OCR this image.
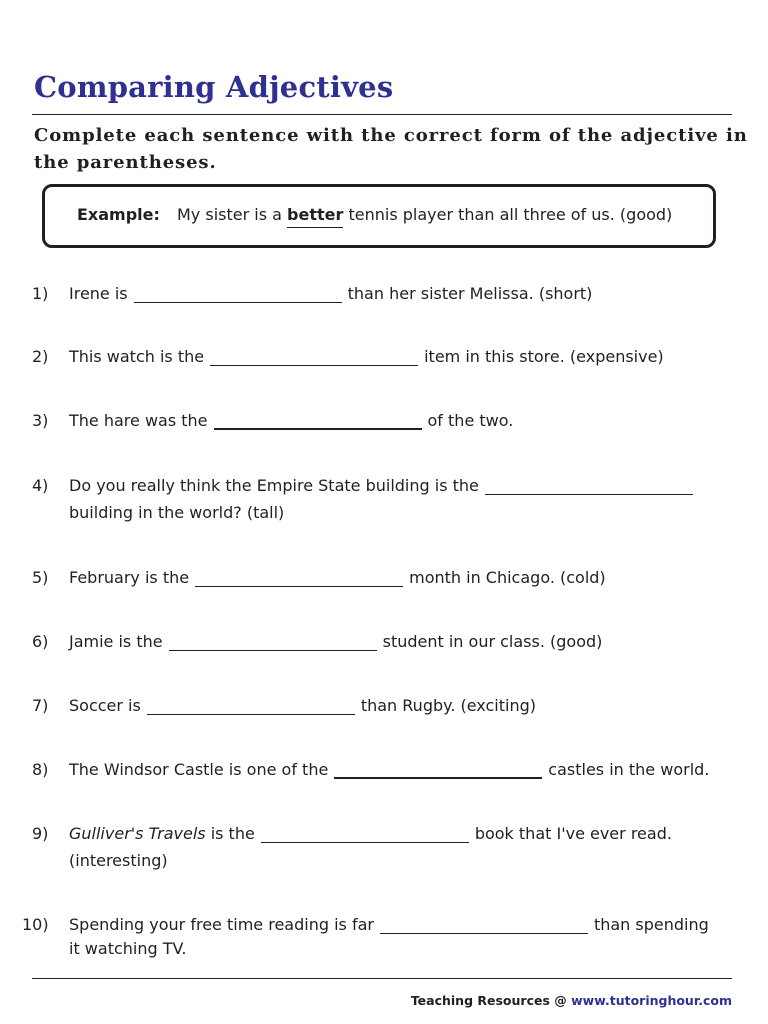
Comparing Adjectives
Complete each sentence with the correct form of the adjective in the parentheses.
Example: My sister is a better tennis player than all three of us. (good)
1) Irene is	than her sister Melissa. (short)
2) This watch is the	item in this store. (expensive)
3) The hare was the	of the two.
4) Do you really think the Empire State building is the
building in the world? (tall)
5) February is the	month in Chicago. (cold)
6) Jamie is the	student in our class. (good)
7) Soccer is	than Rugby. (exciting)
8) The Windsor Castle is one of the	castles in the world.
9) Gulliver's Travels is the	book that I've ever read.
(interesting)
10) Spending your free time reading is far	than spending
it watching TV.
Teaching Resources @ www.tutoringhour.com
